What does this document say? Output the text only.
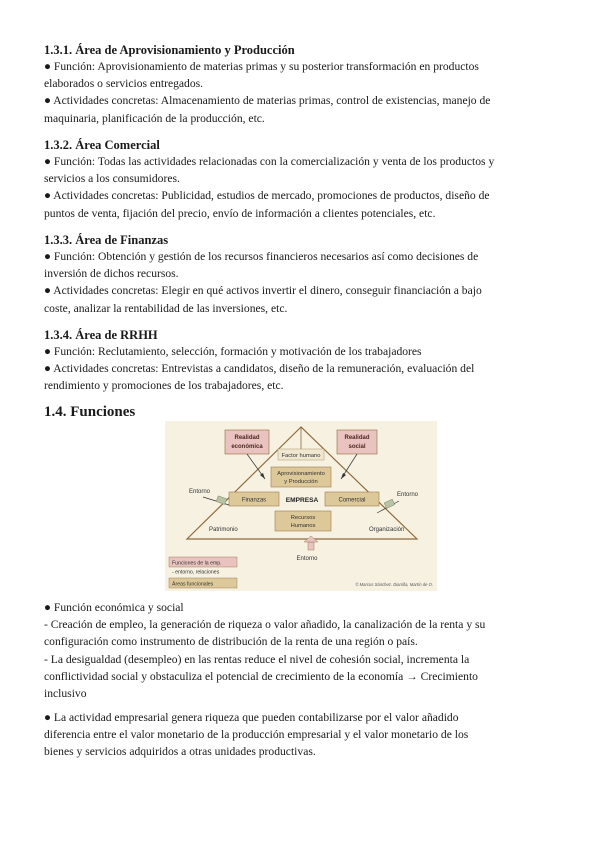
1.3.1. Área de Aprovisionamiento y Producción

● Función: Aprovisionamiento de materias primas y su posterior transformación en productos

elaborados o servicios entregados.

● Actividades concretas: Almacenamiento de materias primas, control de existencias, manejo de

maquinaria, planificación de la producción, etc.

1.3.2. Área Comercial

● Función: Todas las actividades relacionadas con la comercialización y venta de los productos y

servicios a los consumidores.

● Actividades concretas: Publicidad, estudios de mercado, promociones de productos, diseño de

puntos de venta, fijación del precio, envío de información a clientes potenciales, etc.

1.3.3. Área de Finanzas

● Función: Obtención y gestión de los recursos financieros necesarios así como decisiones de

inversión de dichos recursos.

● Actividades concretas: Elegir en qué activos invertir el dinero, conseguir financiación a bajo

coste, analizar la rentabilidad de las inversiones, etc.

1.3.4. Área de RRHH

● Función: Reclutamiento, selección, formación y motivación de los trabajadores

● Actividades concretas: Entrevistas a candidatos, diseño de la remuneración, evaluación del

rendimiento y promociones de los trabajadores, etc.

1.4. Funciones
Realidad
económica
Realidad
social
Factor humano
Aprovisionamiento
y Producción
Finanzas	EMPRESA	Comercial
Recursos
Humanos
Entorno	Entorno
Patrimonio	Organización
Entorno
Funciones de la emp.
- entorno, relaciones
Áreas funcionales	© Marcos Sánchez. Diarrilla, Martín de O.

● Función económica y social

- Creación de empleo, la generación de riqueza o valor añadido, la canalización de la renta y su

configuración como instrumento de distribución de la renta de una región o país.

- La desigualdad (desempleo) en las rentas reduce el nivel de cohesión social, incrementa la

conflictividad social y obstaculiza el potencial de crecimiento de la economía → Crecimiento

inclusivo

● La actividad empresarial genera riqueza que pueden contabilizarse por el valor añadido

diferencia entre el valor monetario de la producción empresarial y el valor monetario de los

bienes y servicios adquiridos a otras unidades productivas.
